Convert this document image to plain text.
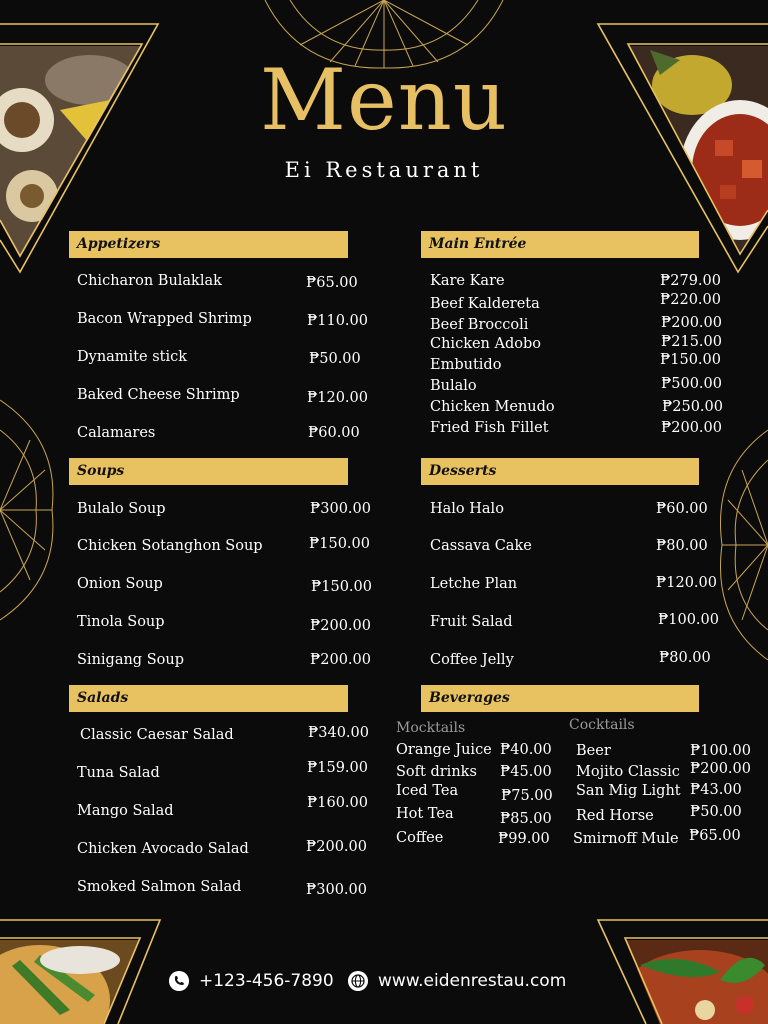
Menu
Ei Restaurant
Appetizers	Main Entrée
Soups	Desserts
Salads	Beverages
Chicharon Bulaklak	₱65.00
Bacon Wrapped Shrimp	₱110.00
Dynamite stick	₱50.00
Baked Cheese Shrimp	₱120.00
Calamares	₱60.00
Kare Kare	₱279.00
Beef Kaldereta	₱220.00
Beef Broccoli	₱200.00
Chicken Adobo	₱215.00
Embutido	₱150.00
Bulalo	₱500.00
Chicken Menudo	₱250.00
Fried Fish Fillet	₱200.00
Bulalo Soup	₱300.00
Chicken Sotanghon Soup	₱150.00
Onion Soup	₱150.00
Tinola Soup	₱200.00
Sinigang Soup	₱200.00
Halo Halo	₱60.00
Cassava Cake	₱80.00
Letche Plan	₱120.00
Fruit Salad	₱100.00
Coffee Jelly	₱80.00
Classic Caesar Salad	₱340.00
Tuna Salad	₱159.00
Mango Salad	₱160.00
Chicken Avocado Salad	₱200.00
Smoked Salmon Salad	₱300.00
Mocktails
Orange Juice ₱40.00
Soft drinks ₱45.00
Iced Tea	₱75.00
Hot Tea	₱85.00
Coffee	₱99.00
Cocktails
Beer	₱100.00
Mojito Classic ₱200.00
San Mig Light ₱43.00
Red Horse	₱50.00
Smirnoff Mule ₱65.00
+123-456-7890	www.eidenrestau.com
